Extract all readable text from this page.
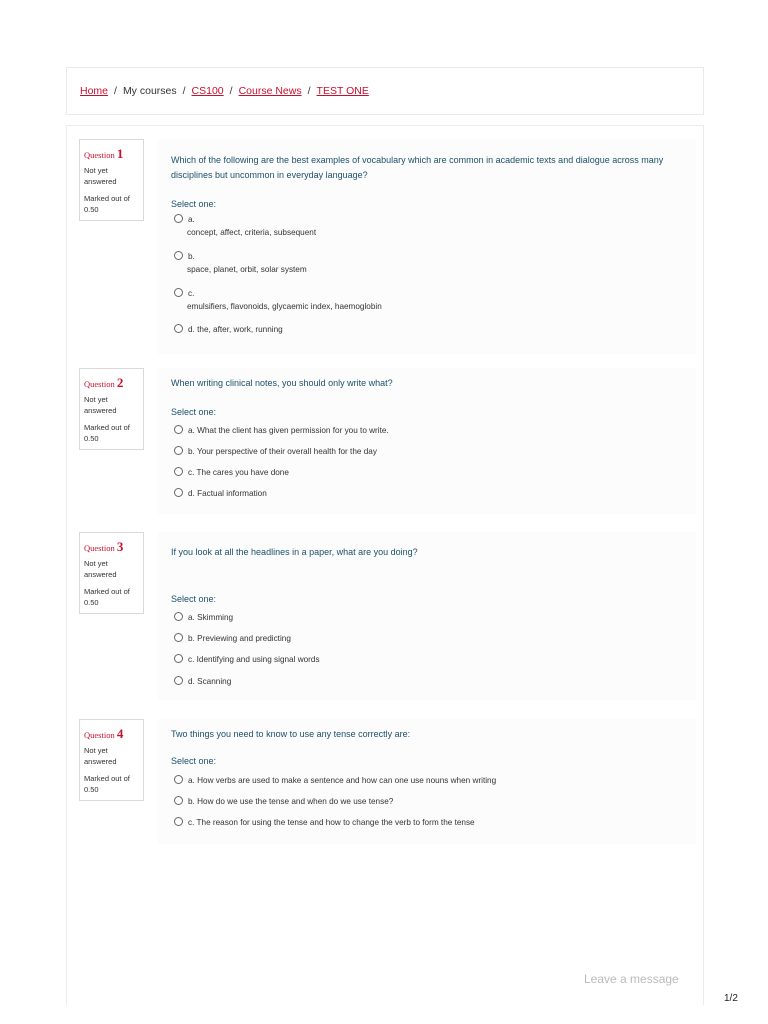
Home / My courses / CS100 / Course News / TEST ONE
Question 1
Not yet answered
Marked out of 0.50
Which of the following are the best examples of vocabulary which are common in academic texts and dialogue across many disciplines but uncommon in everyday language?
Select one:
a.
concept, affect, criteria, subsequent
b.
space, planet, orbit, solar system
c.
emulsifiers, flavonoids, glycaemic index, haemoglobin
d. the, after, work, running
Question 2
Not yet answered
Marked out of 0.50
When writing clinical notes, you should only write what?
Select one:
a. What the client has given permission for you to write.
b. Your perspective of their overall health for the day
c. The cares you have done
d. Factual information
Question 3
Not yet answered
Marked out of 0.50
If you look at all the headlines in a paper, what are you doing?
Select one:
a. Skimming
b. Previewing and predicting
c. Identifying and using signal words
d. Scanning
Question 4
Not yet answered
Marked out of 0.50
Two things you need to know to use any tense correctly are:
Select one:
a. How verbs are used to make a sentence and how can one use nouns when writing
b. How do we use the tense and when do we use tense?
c. The reason for using the tense and how to change the verb to form the tense
Leave a message
1/2
